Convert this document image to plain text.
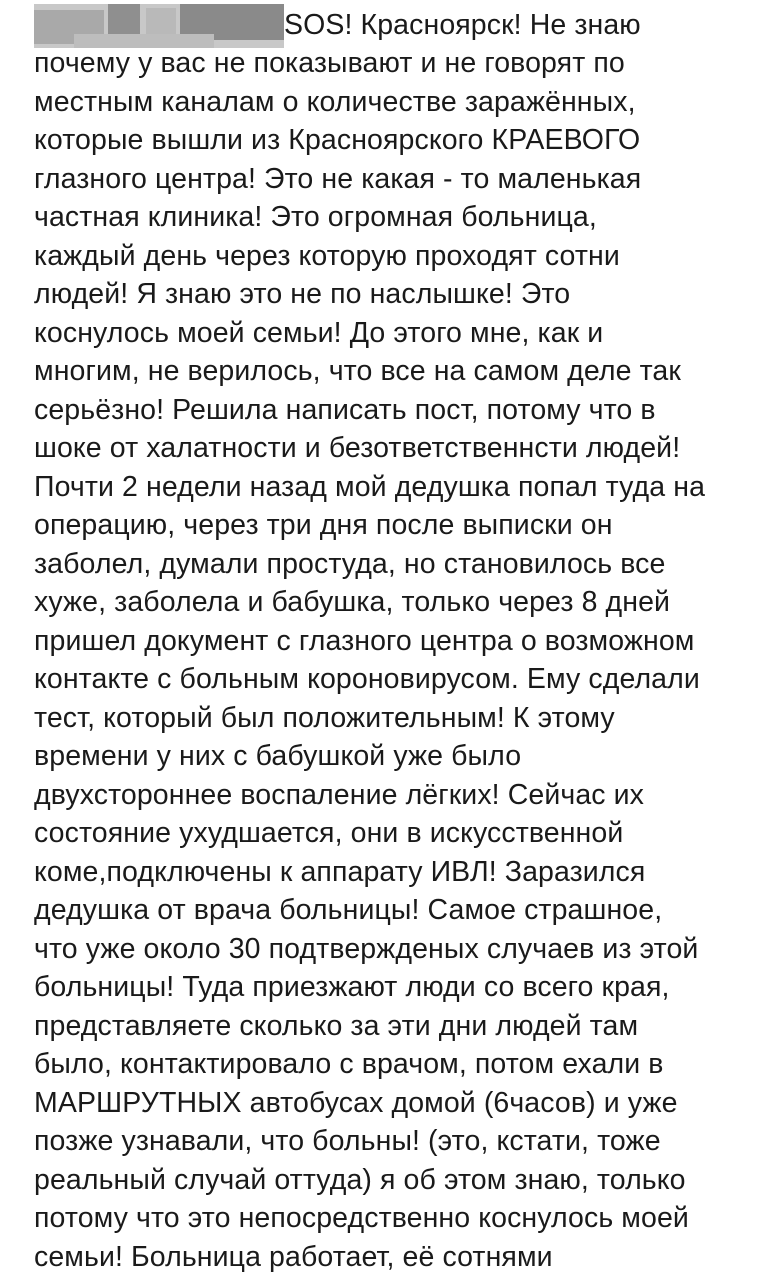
SOS! Красноярск! Не знаю
почему у вас не показывают и не говорят по
местным каналам о количестве заражённых,
которые вышли из Красноярского КРАЕВОГО
глазного центра! Это не какая - то маленькая
частная клиника! Это огромная больница,
каждый день через которую проходят сотни
людей! Я знаю это не по наслышке! Это
коснулось моей семьи! До этого мне, как и
многим, не верилось, что все на самом деле так
серьёзно! Решила написать пост, потому что в
шоке от халатности и безответственнсти людей!
Почти 2 недели назад мой дедушка попал туда на
операцию, через три дня после выписки он
заболел, думали простуда, но становилось все
хуже, заболела и бабушка, только через 8 дней
пришел документ с глазного центра о возможном
контакте с больным короновирусом. Ему сделали
тест, который был положительным! К этому
времени у них с бабушкой уже было
двухстороннее воспаление лёгких! Сейчас их
состояние ухудшается, они в искусственной
коме,подключены к аппарату ИВЛ! Заразился
дедушка от врача больницы! Самое страшное,
что уже около 30 подтвержденых случаев из этой
больницы! Туда приезжают люди со всего края,
представляете сколько за эти дни людей там
было, контактировало с врачом, потом ехали в
МАРШРУТНЫХ автобусах домой (6часов) и уже
позже узнавали, что больны! (это, кстати, тоже
реальный случай оттуда) я об этом знаю, только
потому что это непосредственно коснулось моей
семьи! Больница работает, её сотнями
